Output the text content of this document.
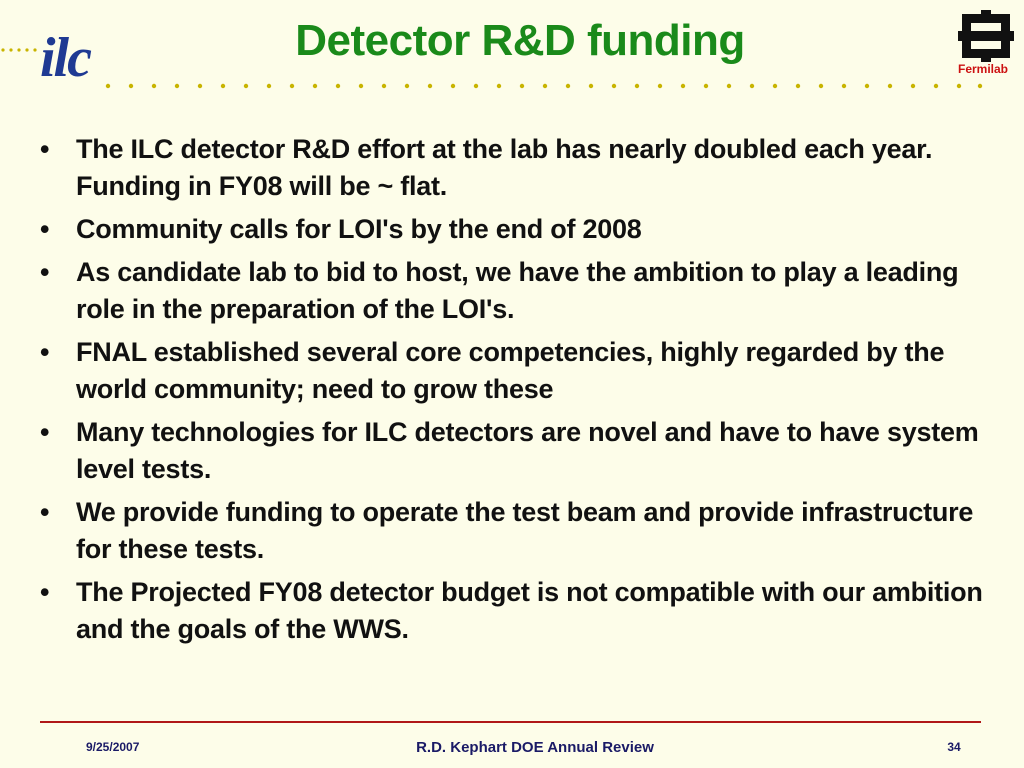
ilc	Detector R&D funding
Fermilab
• The ILC detector R&D effort at the lab has nearly doubled each year. Funding in FY08 will be ~ flat.
• Community calls for LOI's by the end of 2008
• As candidate lab to bid to host, we have the ambition to play a leading role in the preparation of the LOI's.
• FNAL established several core competencies, highly regarded by the world community; need to grow these
• Many technologies for ILC detectors are novel and have to have system level tests.
• We provide funding to operate the test beam and provide infrastructure for these tests.
• The Projected FY08 detector budget is not compatible with our ambition and the goals of the WWS.
9/25/2007	R.D. Kephart DOE Annual Review	34
